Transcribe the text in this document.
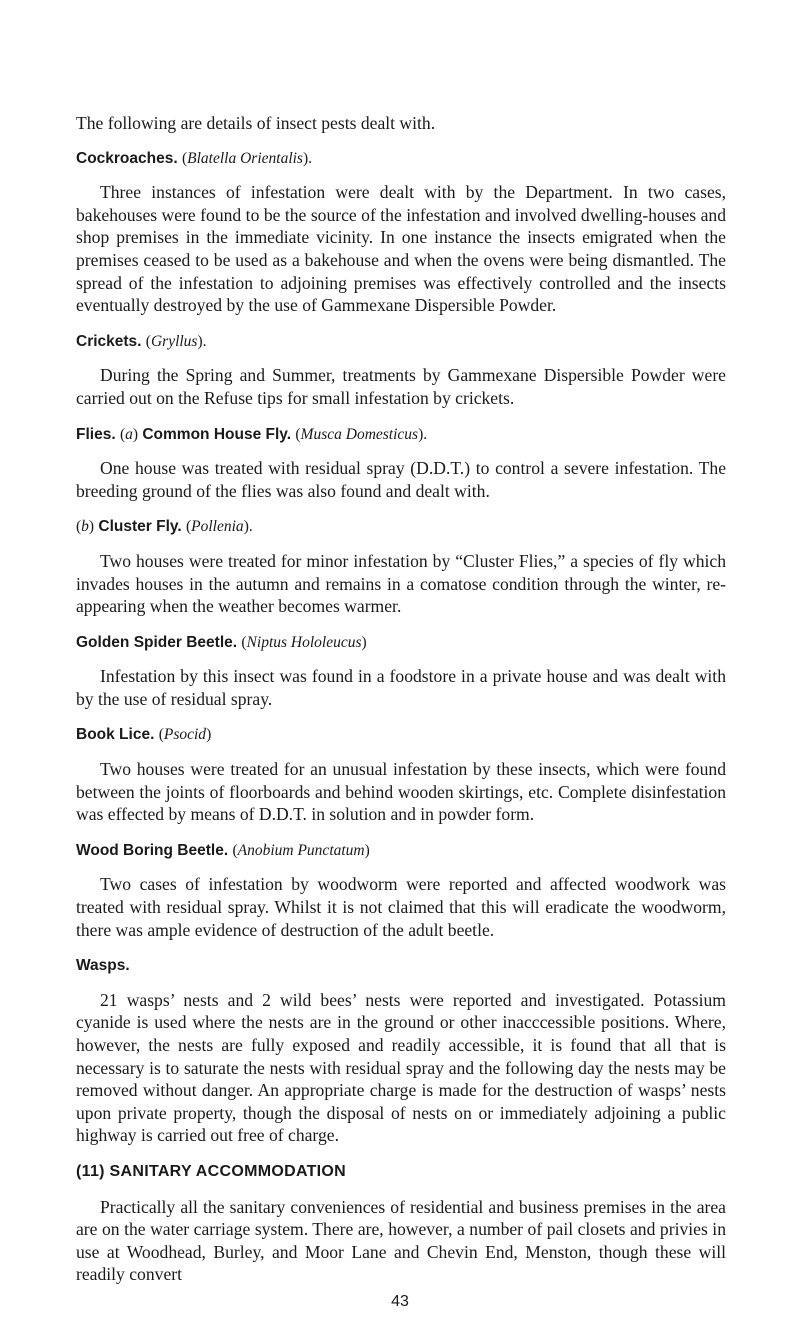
The following are details of insect pests dealt with.

Cockroaches. (Blatella Orientalis).

Three instances of infestation were dealt with by the Department. In two cases, bakehouses were found to be the source of the infestation and involved dwelling-houses and shop premises in the immediate vicinity. In one instance the insects emigrated when the premises ceased to be used as a bakehouse and when the ovens were being dismantled. The spread of the infestation to adjoining premises was effectively controlled and the insects eventually destroyed by the use of Gammexane Dispersible Powder.

Crickets. (Gryllus).

During the Spring and Summer, treatments by Gammexane Dispersible Powder were carried out on the Refuse tips for small infestation by crickets.

Flies. (a) Common House Fly. (Musca Domesticus).

One house was treated with residual spray (D.D.T.) to control a severe infestation. The breeding ground of the flies was also found and dealt with.

(b) Cluster Fly. (Pollenia).

Two houses were treated for minor infestation by “Cluster Flies,” a species of fly which invades houses in the autumn and remains in a comatose condition through the winter, re-appearing when the weather becomes warmer.

Golden Spider Beetle. (Niptus Hololeucus)

Infestation by this insect was found in a foodstore in a private house and was dealt with by the use of residual spray.

Book Lice. (Psocid)

Two houses were treated for an unusual infestation by these insects, which were found between the joints of floorboards and behind wooden skirtings, etc. Complete disinfestation was effected by means of D.D.T. in solution and in powder form.

Wood Boring Beetle. (Anobium Punctatum)

Two cases of infestation by woodworm were reported and affected woodwork was treated with residual spray. Whilst it is not claimed that this will eradicate the woodworm, there was ample evidence of destruction of the adult beetle.

Wasps.

21 wasps’ nests and 2 wild bees’ nests were reported and investigated. Potassium cyanide is used where the nests are in the ground or other inacccessible positions. Where, however, the nests are fully exposed and readily accessible, it is found that all that is necessary is to saturate the nests with residual spray and the following day the nests may be removed without danger. An appropriate charge is made for the destruction of wasps’ nests upon private property, though the disposal of nests on or immediately adjoining a public highway is carried out free of charge.

(11) SANITARY ACCOMMODATION

Practically all the sanitary conveniences of residential and business premises in the area are on the water carriage system. There are, however, a number of pail closets and privies in use at Woodhead, Burley, and Moor Lane and Chevin End, Menston, though these will readily convert

43
